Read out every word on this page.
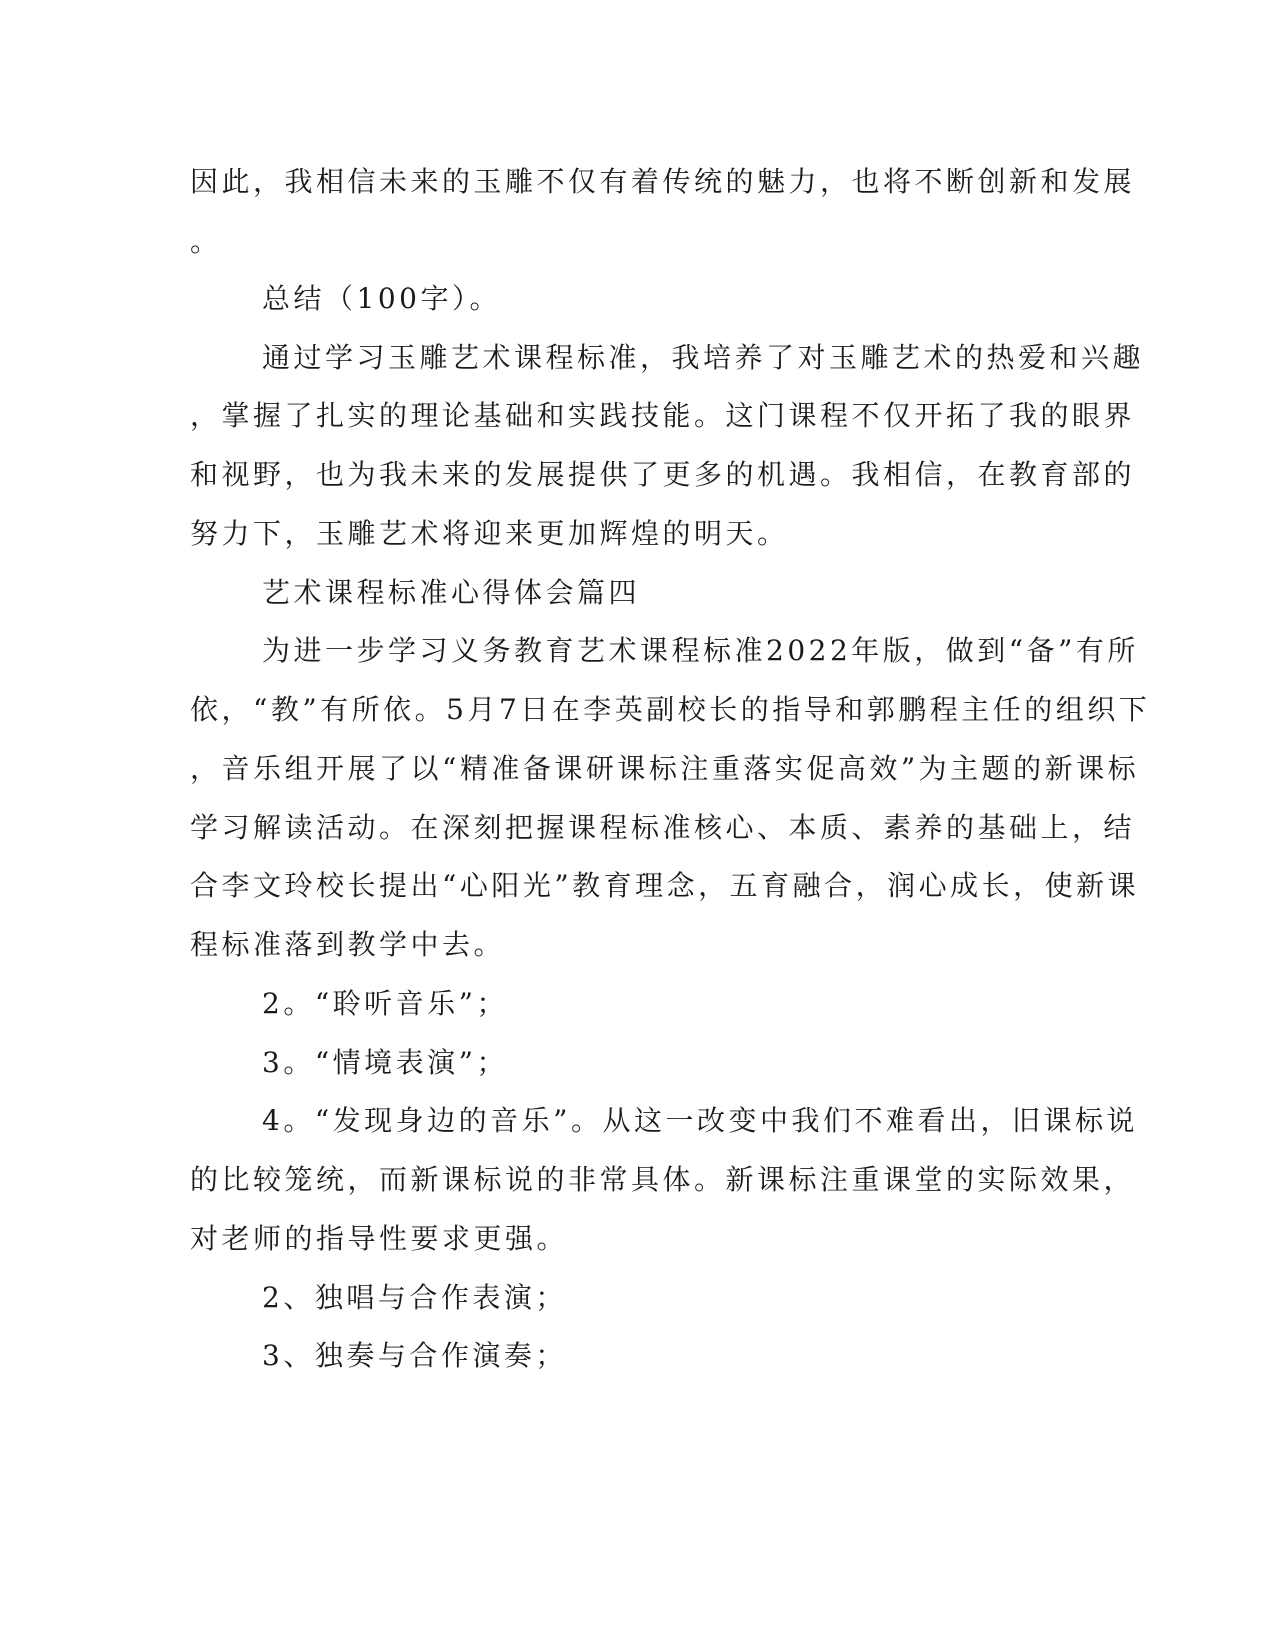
因此，我相信未来的玉雕不仅有着传统的魅力，也将不断创新和发展
。
总结（100字）。
通过学习玉雕艺术课程标准，我培养了对玉雕艺术的热爱和兴趣
，掌握了扎实的理论基础和实践技能。这门课程不仅开拓了我的眼界
和视野，也为我未来的发展提供了更多的机遇。我相信，在教育部的
努力下，玉雕艺术将迎来更加辉煌的明天。
艺术课程标准心得体会篇四
为进一步学习义务教育艺术课程标准2022年版，做到“备”有所
依，“教”有所依。5月7日在李英副校长的指导和郭鹏程主任的组织下
，音乐组开展了以“精准备课研课标注重落实促高效”为主题的新课标
学习解读活动。在深刻把握课程标准核心、本质、素养的基础上，结
合李文玲校长提出“心阳光”教育理念，五育融合，润心成长，使新课
程标准落到教学中去。
2。“聆听音乐”；
3。“情境表演”；
4。“发现身边的音乐”。从这一改变中我们不难看出，旧课标说
的比较笼统，而新课标说的非常具体。新课标注重课堂的实际效果，
对老师的指导性要求更强。
2、独唱与合作表演；
3、独奏与合作演奏；
